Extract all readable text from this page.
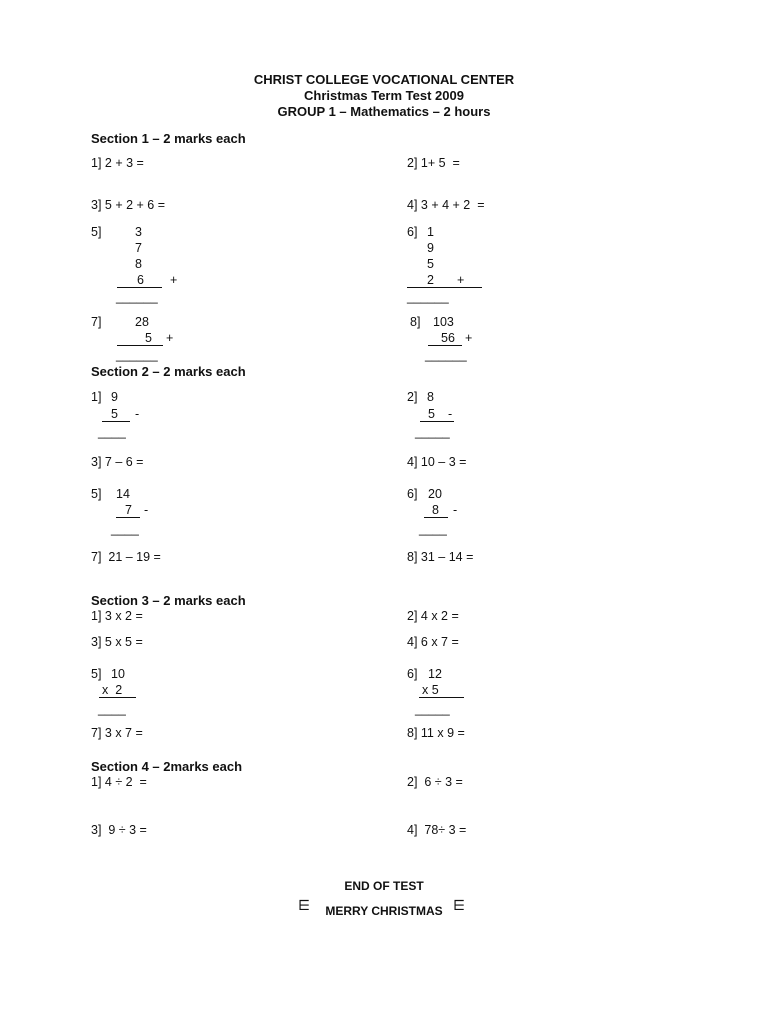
CHRIST COLLEGE VOCATIONAL CENTER
Christmas Term Test 2009
GROUP 1 – Mathematics – 2 hours
Section 1 – 2 marks each
1] 2 + 3 =	2] 1+ 5  =
3] 5 + 2 + 6 =	4] 3 + 4 + 2  =
5]	3
7
8
6 +
______
6] 1
9
5
2 +
______
7]	28
5 +
______
8] 103
56 +
______
Section 2 – 2 marks each
1] 9
5 -
____
2] 8
5 -
_____
3] 7 – 6 =	4] 10 – 3 =
5] 14
7 -
____
6] 20
8 -
____
7]  21 – 19 =	8] 31 – 14 =
Section 3 – 2 marks each
1] 3 x 2 =	2] 4 x 2 =
3] 5 x 5 =	4] 6 x 7 =
5] 10
x  2
____
6] 12
x 5
_____
7] 3 x 7 =	8] 11 x 9 =
Section 4 – 2marks each
1] 4 ÷ 2  =	2]  6 ÷ 3 =
3]  9 ÷ 3 =	4]  78÷ 3 =
END OF TEST
MERRY CHRISTMAS
⋿	⋿
